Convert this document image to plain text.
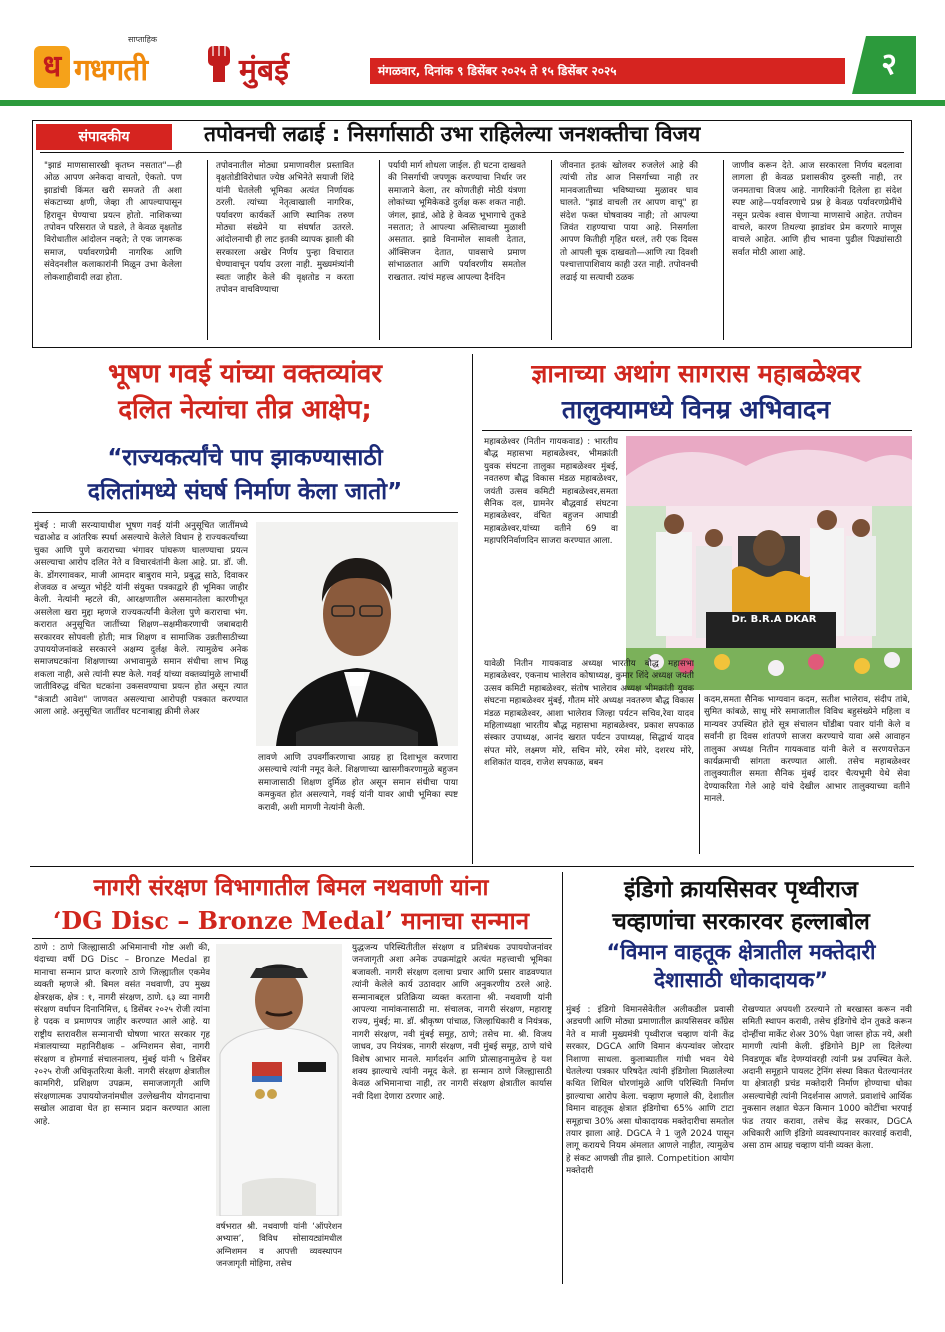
साप्ताहिक
ध गधगती	मुंबई	मंगळवार, दिनांक ९ डिसेंबर २०२५ ते १५ डिसेंबर २०२५	२
संपादकीय	तपोवनची लढाई : निसर्गासाठी उभा राहिलेल्या जनशक्तीचा विजय
"झाडं माणसासारखी कृतघ्न नसतात"—ही ओळ आपण अनेकदा वाचतो, ऐकतो. पण झाडांची किंमत खरी समजते ती अशा संकटाच्या क्षणी, जेव्हा ती आपल्यापासून हिरावून घेण्याचा प्रयत्न होतो. नाशिकच्या तपोवन परिसरात जे घडले, ते केवळ वृक्षतोड विरोधातील आंदोलन नव्हते; ते एक जागरूक समाज, पर्यावरणप्रेमी नागरिक आणि संवेदनशील कलाकारांनी मिळून उभा केलेला लोकशाहीवादी लढा होता.
तपोवनातील मोठ्या प्रमाणावरील प्रस्तावित वृक्षतोडीविरोधात ज्येष्ठ अभिनेते सयाजी शिंदे यांनी घेतलेली भूमिका अत्यंत निर्णायक ठरली. त्यांच्या नेतृत्वाखाली नागरिक, पर्यावरण कार्यकर्ते आणि स्थानिक तरुण मोठ्या संख्येने या संघर्षात उतरले. आंदोलनाची ही लाट इतकी व्यापक झाली की सरकारला अखेर निर्णय पुन्हा विचारात घेण्यावाचून पर्याय उरला नाही. मुख्यमंत्र्यांनी स्वतः जाहीर केले की वृक्षतोड न करता तपोवन वाचविण्याचा
पर्यायी मार्ग शोधला जाईल. ही घटना दाखवते की निसर्गाची जपणूक करण्याचा निर्धार जर समाजाने केला, तर कोणतीही मोठी यंत्रणा लोकांच्या भूमिकेकडे दुर्लक्ष करू शकत नाही. जंगल, झाडं, ओढे हे केवळ भूभागाचे तुकडे नसतात; ते आपल्या अस्तित्वाच्या मुळाशी असतात. झाडे विनामोल सावली देतात, ऑक्सिजन देतात, पावसाचे प्रमाण सांभाळतात आणि पर्यावरणीय समतोल राखतात. त्यांचं महत्त्व आपल्या दैनंदिन
जीवनात इतकं खोलवर रुजलेलं आहे की त्यांची तोड आज निसर्गाच्या नाही तर मानवजातीच्या भविष्याच्या मुळावर घाव घालते. "झाडं वाचली तर आपण वाचू" हा संदेश फक्त घोषवाक्य नाही; तो आपल्या जिवंत राहण्याचा पाया आहे. निसर्गाला आपण कितीही गृहित धरलं, तरी एक दिवस तो आपली चूक दाखवतो—आणि त्या दिवशी पश्चात्तापाशिवाय काही उरत नाही. तपोवनची लढाई या सत्याची ठळक
जाणीव करून देते. आज सरकारला निर्णय बदलावा लागला ही केवळ प्रशासकीय दुरुस्ती नाही, तर जनमताचा विजय आहे. नागरिकांनी दिलेला हा संदेश स्पष्ट आहे—पर्यावरणाचे प्रश्न हे केवळ पर्यावरणप्रेमींचे नसून प्रत्येक श्वास घेणाऱ्या माणसाचे आहेत. तपोवन वाचले, कारण तिथल्या झाडांवर प्रेम करणारे माणूस वाचले आहेत. आणि हीच भावना पुढील पिढ्यांसाठी सर्वात मोठी आशा आहे.
भूषण गवई यांच्या वक्तव्यांवर
दलित नेत्यांचा तीव्र आक्षेप;
“राज्यकर्त्यांचे पाप झाकण्यासाठी
दलितांमध्ये संघर्ष निर्माण केला जातो”
मुंबई : माजी सरन्यायाधीश भूषण गवई यांनी अनुसूचित जातींमध्ये चढाओढ व आंतरिक स्पर्धा असल्याचे केलेले विधान हे राज्यकर्त्यांच्या चुका आणि पुणे कराराच्या भंगावर पांघरूण घालण्याचा प्रयत्न असल्याचा आरोप दलित नेते व विचारवंतांनी केला आहे. प्रा. डॉ. जी. के. डोंगरगावकर, माजी आमदार बाबुराव माने, प्रबुद्ध साठे, दिवाकर शेजवळ व अच्युत भोईटे यांनी संयुक्त पत्रकाद्वारे ही भूमिका जाहीर केली. नेत्यांनी म्हटले की, आरक्षणातील असमानतेला कारणीभूत असलेला खरा मुद्दा म्हणजे राज्यकर्त्यांनी केलेला पुणे कराराचा भंग. करारात अनुसूचित जातींच्या शिक्षण–सक्षमीकरणाची जबाबदारी सरकारवर सोपवली होती; मात्र शिक्षण व सामाजिक उन्नतीसाठीच्या उपाययोजनांकडे सरकारने अक्षम्य दुर्लक्ष केले. त्यामुळेच अनेक समाजघटकांना शिक्षणाच्या अभावामुळे समान संधीचा लाभ मिळू शकला नाही, असे त्यांनी स्पष्ट केले. गवई यांच्या वक्तव्यांमुळे लाभार्थी जातीविरुद्ध वंचित घटकांना उकसवण्याचा प्रयत्न होत असून त्यात "कंत्राटी आवेश" जाणवत असल्याचा आरोपही पत्रकात करण्यात आला आहे. अनुसूचित जातींवर घटनाबाह्य क्रीमी लेअर
लावणे आणि उपवर्गीकरणाचा आग्रह हा दिशाभूल करणारा असल्याचे त्यांनी नमूद केले. शिक्षणाच्या खासगीकरणामुळे बहुजन समाजासाठी शिक्षण दुर्मिळ होत असून समान संधीचा पाया कमकुवत होत असल्याने, गवई यांनी यावर आधी भूमिका स्पष्ट करावी, अशी मागणी नेत्यांनी केली.
ज्ञानाच्या अथांग सागरास महाबळेश्वर
तालुक्यामध्ये विनम्र अभिवादन
महाबळेश्वर (नितीन गायकवाड) : भारतीय बौद्ध महासभा महाबळेश्वर, भीमक्रांती युवक संघटना तालुका महाबळेश्वर मुंबई, नवतरुण बौद्ध विकास मंडळ महाबळेश्वर, जयंती उत्सव कमिटी महाबळेश्वर,समता सैनिक दल, ग्रामनेर बौद्धवार्ड संघटना महाबळेश्वर, वंचित बहुजन आघाडी महाबळेश्वर,यांच्या वतीने 69 वा महापरिनिर्वाणदिन साजरा करण्यात आला.
Dr. B.R.A DKAR
यावेळी नितीन गायकवाड अध्यक्ष भारतीय बौद्ध महासभा महाबळेश्वर, एकनाथ भालेराव कोषाध्यक्ष, कुमार शिंदे अध्यक्ष जयंती उत्सव कमिटी महाबळेश्वर, संतोष भालेराव अध्यक्ष भीमक्रांती युवक संघटना महाबळेश्वर मुंबई, गौतम मोरे अध्यक्ष नवतरुण बौद्ध विकास मंडळ महाबळेश्वर, आशा भालेराव जिल्हा पर्यटन सचिव,रेवा यादव महिलाध्यक्षा भारतीय बौद्ध महासभा महाबळेश्वर, प्रकाश सपकाळ संस्कार उपाध्यक्ष, आनंद खरात पर्यटन उपाध्यक्ष, सिद्धार्थ यादव संपत मोरे, लक्ष्मण मोरे, सचिन मोरे, रमेश मोरे, दशरथ मोरे, शशिकांत यादव, राजेश सपकाळ, बबन
कदम,समता सैनिक भाग्यवान कदम, सतीश भालेराव, संदीप तांबे, सुमित कांबळे, साधू मोरे समाजातील विविध बहुसंख्येने महिला व मान्यवर उपस्थित होते सूत्र संचालन घोंडीबा पवार यांनी केले व सर्वांनी हा दिवस शांतपणे साजरा करण्याचे यावा असे आवाहन तालुका अध्यक्ष नितीन गायकवाड यांनी केले व सरणयत्तेऊन कार्यक्रमाची सांगता करण्यात आली. तसेच महाबळेश्वर तालुक्यातील समता सैनिक मुंबई दादर चैत्यभूमी येथे सेवा देण्याकरिता गेले आहे यांचे देखील आभार तालुक्याच्या वतीने मानले.
नागरी संरक्षण विभागातील बिमल नथवाणी यांना
‘DG Disc – Bronze Medal’ मानाचा सन्मान
ठाणे : ठाणे जिल्ह्यासाठी अभिमानाची गोष्ट अशी की, यंदाच्या वर्षी DG Disc – Bronze Medal हा मानाचा सन्मान प्राप्त करणारे ठाणे जिल्ह्यातील एकमेव व्यक्ती म्हणजे श्री. बिमल वसंत नथवाणी, उप मुख्य क्षेत्ररक्षक, क्षेत्र : १, नागरी संरक्षण, ठाणे. ६३ व्या नागरी संरक्षण वर्धापन दिनानिमित्त, ६ डिसेंबर २०२५ रोजी त्यांना हे पदक व प्रमाणपत्र जाहीर करण्यात आले आहे. या राष्ट्रीय स्तरावरील सन्मानाची घोषणा भारत सरकार गृह मंत्रालयाच्या महानिरीक्षक – अग्निशमन सेवा, नागरी संरक्षण व होमगार्ड संचालनालय, मुंबई यांनी ५ डिसेंबर २०२५ रोजी अधिकृतरित्या केली. नागरी संरक्षण क्षेत्रातील कामगिरी, प्रशिक्षण उपक्रम, समाजजागृती आणि संरक्षणात्मक उपाययोजनांमधील उल्लेखनीय योगदानाचा सखोल आढावा घेत हा सन्मान प्रदान करण्यात आला आहे.
वर्षभरात श्री. नथवाणी यांनी ‘ऑपरेशन अभ्यास’, विविध सोसायट्यांमधील अग्निशमन व आपत्ती व्यवस्थापन जनजागृती मोहिमा, तसेच
युद्धजन्य परिस्थितीतील संरक्षण व प्रतिबंधक उपाययोजनांवर जनजागृती अशा अनेक उपक्रमांद्वारे अत्यंत महत्त्वाची भूमिका बजावली. नागरी संरक्षण दलाचा प्रचार आणि प्रसार वाढवण्यात त्यांनी केलेले कार्य उठावदार आणि अनुकरणीय ठरले आहे. सन्मानाबद्दल प्रतिक्रिया व्यक्त करताना श्री. नथवाणी यांनी आपल्या नामांकनासाठी मा. संचालक, नागरी संरक्षण, महाराष्ट्र राज्य, मुंबई; मा. डॉ. श्रीकृष्ण पांचाळ, जिल्हाधिकारी व नियंत्रक, नागरी संरक्षण, नवी मुंबई समूह, ठाणे; तसेच मा. श्री. विजय जाधव, उप नियंत्रक, नागरी संरक्षण, नवी मुंबई समूह, ठाणे यांचे विशेष आभार मानले. मार्गदर्शन आणि प्रोत्साहनामुळेच हे यश शक्य झाल्याचे त्यांनी नमूद केले. हा सन्मान ठाणे जिल्ह्यासाठी केवळ अभिमानाचा नाही, तर नागरी संरक्षण क्षेत्रातील कार्यास नवी दिशा देणारा ठरणार आहे.
इंडिगो क्रायसिसवर पृथ्वीराज
चव्हाणांचा सरकारवर हल्लाबोल
“विमान वाहतूक क्षेत्रातील मक्तेदारी
देशासाठी धोकादायक”
मुंबई : इंडिगो विमानसेवेतील अलीकडील प्रवासी अडचणी आणि मोठ्या प्रमाणातील क्रायसिसवर काँग्रेस नेते व माजी मुख्यमंत्री पृथ्वीराज चव्हाण यांनी केंद्र सरकार, DGCA आणि विमान कंपन्यांवर जोरदार निशाणा साधला. कुलाब्यातील गांधी भवन येथे घेतलेल्या पत्रकार परिषदेत त्यांनी इंडिगोला मिळालेल्या कथित शिथिल धोरणांमुळे आणि परिस्थिती निर्माण झाल्याचा आरोप केला. चव्हाण म्हणाले की, देशातील विमान वाहतूक क्षेत्रात इंडिगोचा 65% आणि टाटा समूहाचा 30% असा धोकादायक मक्तेदारीचा समतोल तयार झाला आहे. DGCA ने 1 जुलै 2024 पासून लागू करायचे नियम अंमलात आणले नाहीत, त्यामुळेच हे संकट आणखी तीव्र झाले. Competition आयोग मक्तेदारी
रोखण्यात अपयशी ठरल्याने तो बरखास्त करून नवी समिती स्थापन करावी, तसेच इंडिगोचे दोन तुकडे करून दोन्हींचा मार्केट शेअर 30% पेक्षा जास्त होऊ नये, अशी मागणी त्यांनी केली. इंडिगोने BJP ला दिलेल्या निवडणूक बाँड देणग्यांवरही त्यांनी प्रश्न उपस्थित केले. अदानी समूहाने पायलट ट्रेनिंग संस्था विकत घेतल्यानंतर या क्षेत्रातही प्रचंड मक्तेदारी निर्माण होण्याचा धोका असल्याचेही त्यांनी निदर्शनास आणले. प्रवाशांचे आर्थिक नुकसान लक्षात घेऊन किमान 1000 कोटींचा भरपाई फंड तयार करावा, तसेच केंद्र सरकार, DGCA अधिकारी आणि इंडिगो व्यवस्थापनावर कारवाई करावी, असा ठाम आग्रह चव्हाण यांनी व्यक्त केला.
